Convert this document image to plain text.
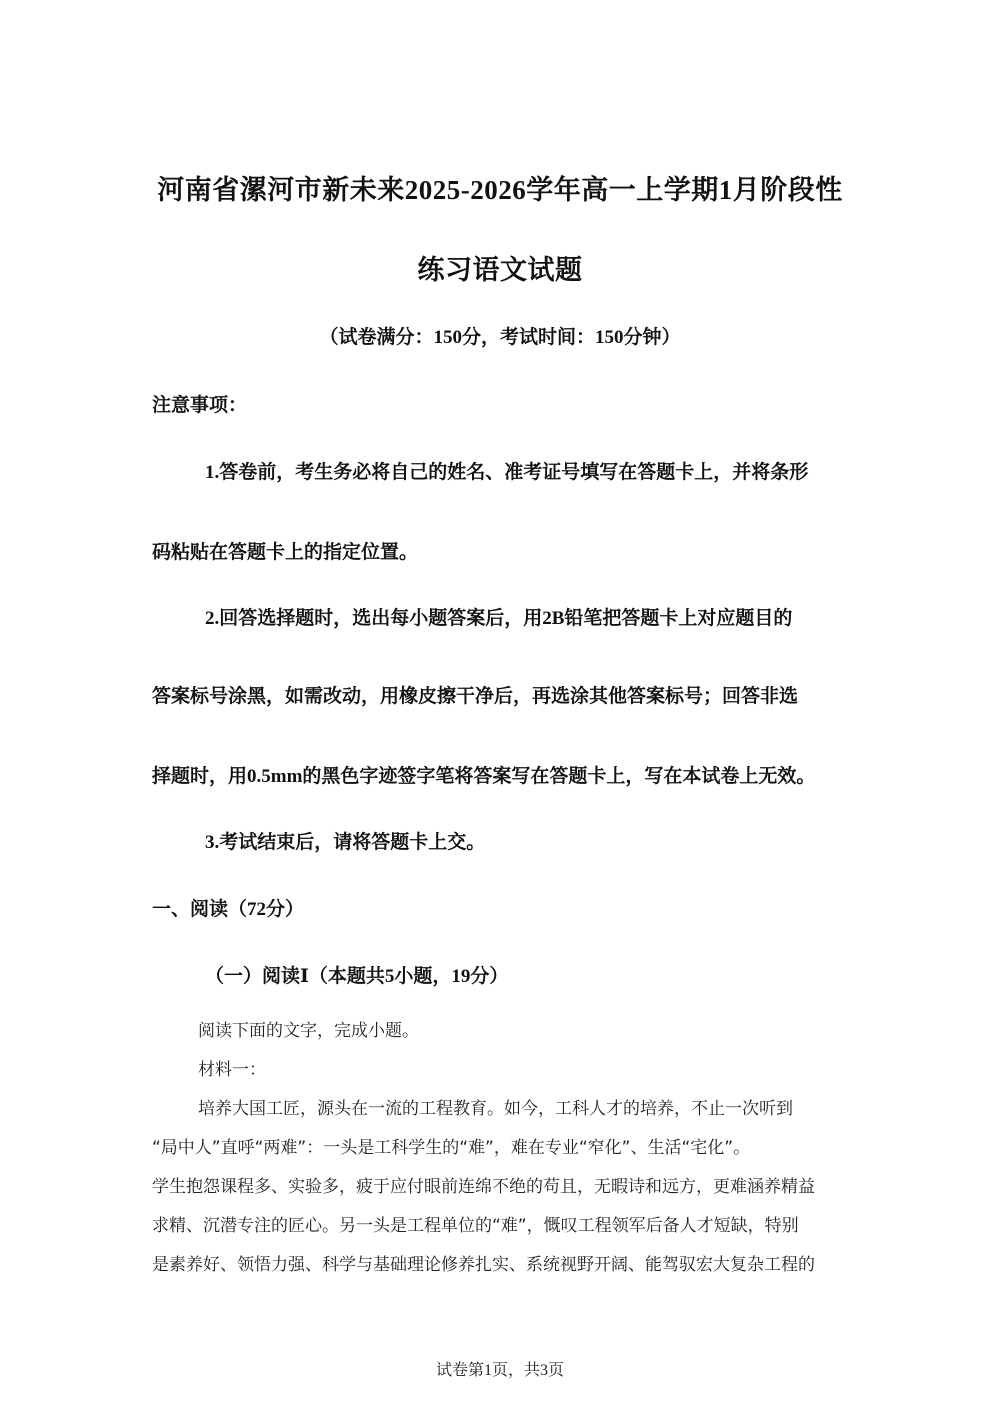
河南省漯河市新未来2025-2026学年高一上学期1月阶段性
练习语文试题
（试卷满分：150分，考试时间：150分钟）
注意事项：
1.答卷前，考生务必将自己的姓名、准考证号填写在答题卡上，并将条形
码粘贴在答题卡上的指定位置。
2.回答选择题时，选出每小题答案后，用2B铅笔把答题卡上对应题目的
答案标号涂黑，如需改动，用橡皮擦干净后，再选涂其他答案标号；回答非选
择题时，用0.5mm的黑色字迹签字笔将答案写在答题卡上，写在本试卷上无效。
3.考试结束后，请将答题卡上交。
一、阅读（72分）
（一）阅读Ⅰ（本题共5小题，19分）
阅读下面的文字，完成小题。
材料一：
培养大国工匠，源头在一流的工程教育。如今，工科人才的培养，不止一次听到
“局中人”直呼“两难”：一头是工科学生的“难”，难在专业“窄化”、生活“宅化”。
学生抱怨课程多、实验多，疲于应付眼前连绵不绝的苟且，无暇诗和远方，更难涵养精益
求精、沉潜专注的匠心。另一头是工程单位的“难”，慨叹工程领军后备人才短缺，特别
是素养好、领悟力强、科学与基础理论修养扎实、系统视野开阔、能驾驭宏大复杂工程的
试卷第1页，共3页
